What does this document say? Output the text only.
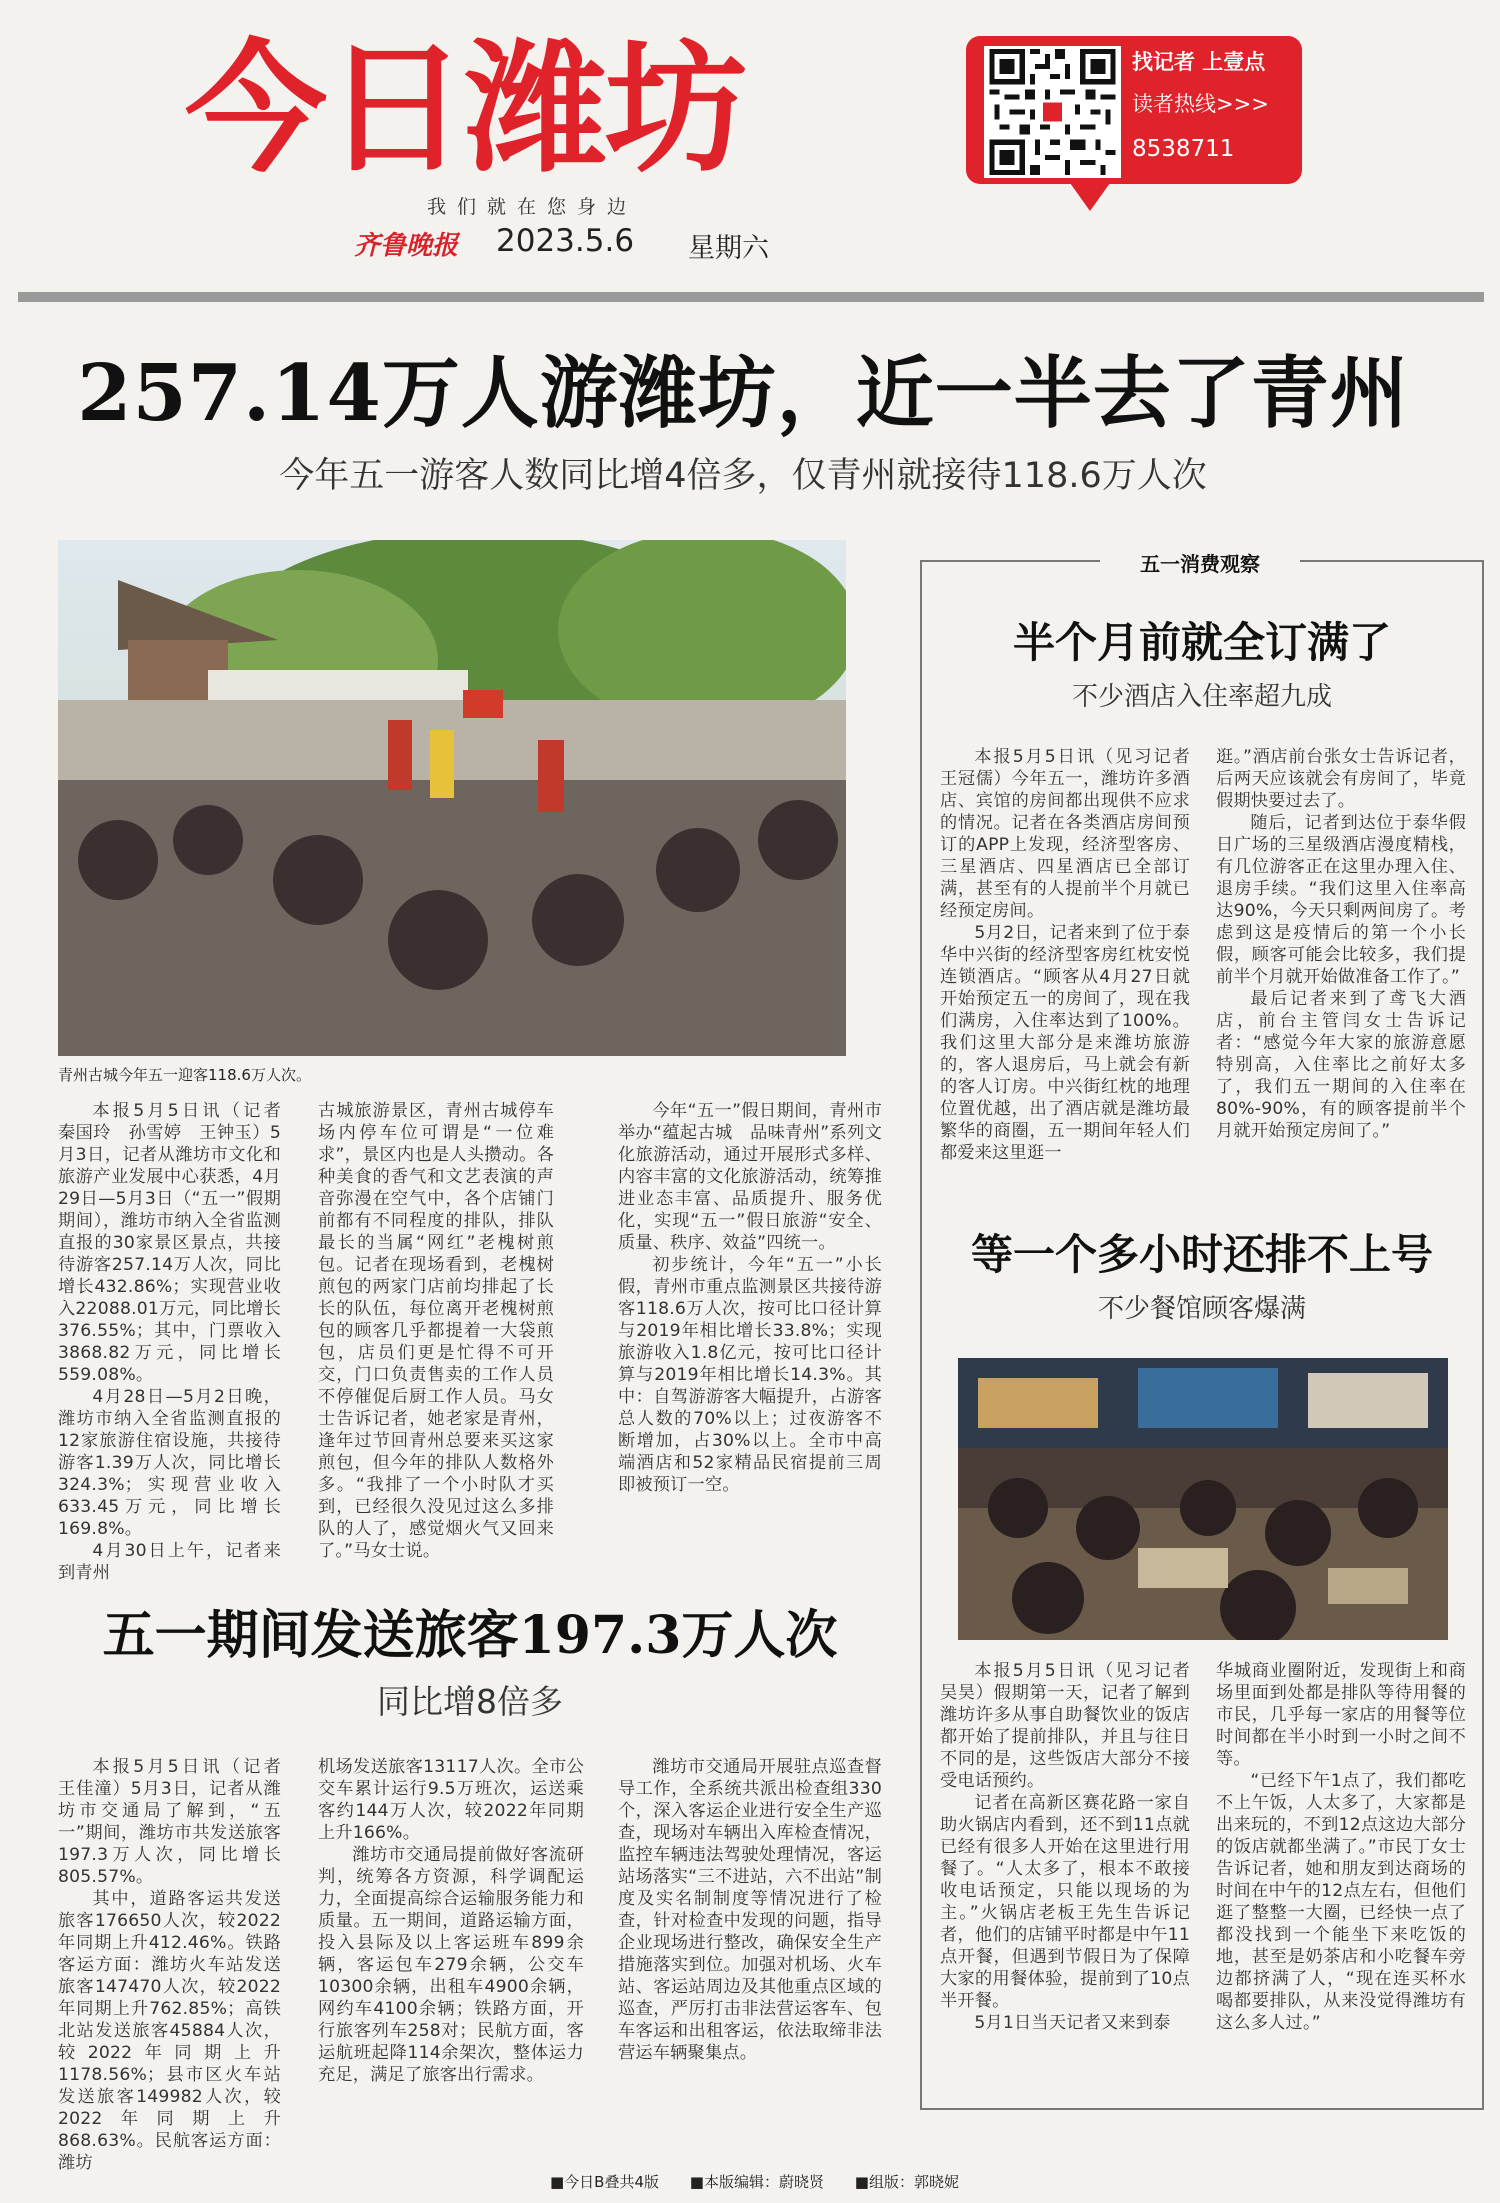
今日潍坊
我们就在您身边
齐鲁晚报 2023.5.6 星期六
找记者 上壹点
读者热线>>>
8538711
257.14万人游潍坊，近一半去了青州
今年五一游客人数同比增4倍多，仅青州就接待118.6万人次
青州古城今年五一迎客118.6万人次。

本报5月5日讯（记者　秦国玲　孙雪婷　王钟玉）5月3日，记者从潍坊市文化和旅游产业发展中心获悉，4月29日—5月3日（“五一”假期期间），潍坊市纳入全省监测直报的30家景区景点，共接待游客257.14万人次，同比增长432.86%；实现营业收入22088.01万元，同比增长376.55%；其中，门票收入3868.82万元，同比增长559.08%。

4月28日—5月2日晚，潍坊市纳入全省监测直报的12家旅游住宿设施，共接待游客1.39万人次，同比增长324.3%；实现营业收入633.45万元，同比增长169.8%。

4月30日上午，记者来到青州

古城旅游景区，青州古城停车场内停车位可谓是“一位难求”，景区内也是人头攒动。各种美食的香气和文艺表演的声音弥漫在空气中，各个店铺门前都有不同程度的排队，排队最长的当属“网红”老槐树煎包。记者在现场看到，老槐树煎包的两家门店前均排起了长长的队伍，每位离开老槐树煎包的顾客几乎都提着一大袋煎包，店员们更是忙得不可开交，门口负责售卖的工作人员不停催促后厨工作人员。马女士告诉记者，她老家是青州，逢年过节回青州总要来买这家煎包，但今年的排队人数格外多。“我排了一个小时队才买到，已经很久没见过这么多排队的人了，感觉烟火气又回来了。”马女士说。

今年“五一”假日期间，青州市举办“蕴起古城　品味青州”系列文化旅游活动，通过开展形式多样、内容丰富的文化旅游活动，统筹推进业态丰富、品质提升、服务优化，实现“五一”假日旅游“安全、质量、秩序、效益”四统一。

初步统计，今年“五一”小长假，青州市重点监测景区共接待游客118.6万人次，按可比口径计算与2019年相比增长33.8%；实现旅游收入1.8亿元，按可比口径计算与2019年相比增长14.3%。其中：自驾游游客大幅提升，占游客总人数的70%以上；过夜游客不断增加，占30%以上。全市中高端酒店和52家精品民宿提前三周即被预订一空。

五一期间发送旅客197.3万人次
同比增8倍多

本报5月5日讯（记者　王佳潼）5月3日，记者从潍坊市交通局了解到，“五一”期间，潍坊市共发送旅客197.3万人次，同比增长805.57%。

其中，道路客运共发送旅客176650人次，较2022年同期上升412.46%。铁路客运方面：潍坊火车站发送旅客147470人次，较2022年同期上升762.85%；高铁北站发送旅客45884人次，较2022年同期上升1178.56%；县市区火车站发送旅客149982人次，较2022年同期上升868.63%。民航客运方面：潍坊

机场发送旅客13117人次。全市公交车累计运行9.5万班次，运送乘客约144万人次，较2022年同期上升166%。

潍坊市交通局提前做好客流研判，统筹各方资源，科学调配运力，全面提高综合运输服务能力和质量。五一期间，道路运输方面，投入县际及以上客运班车899余辆，客运包车279余辆，公交车10300余辆，出租车4900余辆，网约车4100余辆；铁路方面，开行旅客列车258对；民航方面，客运航班起降114余架次，整体运力充足，满足了旅客出行需求。

潍坊市交通局开展驻点巡查督导工作，全系统共派出检查组330个，深入客运企业进行安全生产巡查，现场对车辆出入库检查情况，监控车辆违法驾驶处理情况，客运站场落实“三不进站，六不出站”制度及实名制制度等情况进行了检查，针对检查中发现的问题，指导企业现场进行整改，确保安全生产措施落实到位。加强对机场、火车站、客运站周边及其他重点区域的巡查，严厉打击非法营运客车、包车客运和出租客运，依法取缔非法营运车辆聚集点。

五一消费观察
半个月前就全订满了
不少酒店入住率超九成

本报5月5日讯（见习记者　王冠儒）今年五一，潍坊许多酒店、宾馆的房间都出现供不应求的情况。记者在各类酒店房间预订的APP上发现，经济型客房、三星酒店、四星酒店已全部订满，甚至有的人提前半个月就已经预定房间。

5月2日，记者来到了位于泰华中兴街的经济型客房红枕安悦连锁酒店。“顾客从4月27日就开始预定五一的房间了，现在我们满房，入住率达到了100%。我们这里大部分是来潍坊旅游的，客人退房后，马上就会有新的客人订房。中兴街红枕的地理位置优越，出了酒店就是潍坊最繁华的商圈，五一期间年轻人们都爱来这里逛一

逛。”酒店前台张女士告诉记者，后两天应该就会有房间了，毕竟假期快要过去了。

随后，记者到达位于泰华假日广场的三星级酒店漫度精栈，有几位游客正在这里办理入住、退房手续。“我们这里入住率高达90%，今天只剩两间房了。考虑到这是疫情后的第一个小长假，顾客可能会比较多，我们提前半个月就开始做准备工作了。”

最后记者来到了鸢飞大酒店，前台主管闫女士告诉记者：“感觉今年大家的旅游意愿特别高，入住率比之前好太多了，我们五一期间的入住率在80%-90%，有的顾客提前半个月就开始预定房间了。”

等一个多小时还排不上号
不少餐馆顾客爆满

本报5月5日讯（见习记者　吴昊）假期第一天，记者了解到潍坊许多从事自助餐饮业的饭店都开始了提前排队，并且与往日不同的是，这些饭店大部分不接受电话预约。

记者在高新区赛花路一家自助火锅店内看到，还不到11点就已经有很多人开始在这里进行用餐了。“人太多了，根本不敢接收电话预定，只能以现场的为主。”火锅店老板王先生告诉记者，他们的店铺平时都是中午11点开餐，但遇到节假日为了保障大家的用餐体验，提前到了10点半开餐。

5月1日当天记者又来到泰

华城商业圈附近，发现街上和商场里面到处都是排队等待用餐的市民，几乎每一家店的用餐等位时间都在半小时到一小时之间不等。

“已经下午1点了，我们都吃不上午饭，人太多了，大家都是出来玩的，不到12点这边大部分的饭店就都坐满了。”市民丁女士告诉记者，她和朋友到达商场的时间在中午的12点左右，但他们逛了整整一大圈，已经快一点了都没找到一个能坐下来吃饭的地，甚至是奶茶店和小吃餐车旁边都挤满了人，“现在连买杯水喝都要排队，从来没觉得潍坊有这么多人过。”

■今日B叠共4版 ■本版编辑：蔚晓贤 ■组版：郭晓妮
